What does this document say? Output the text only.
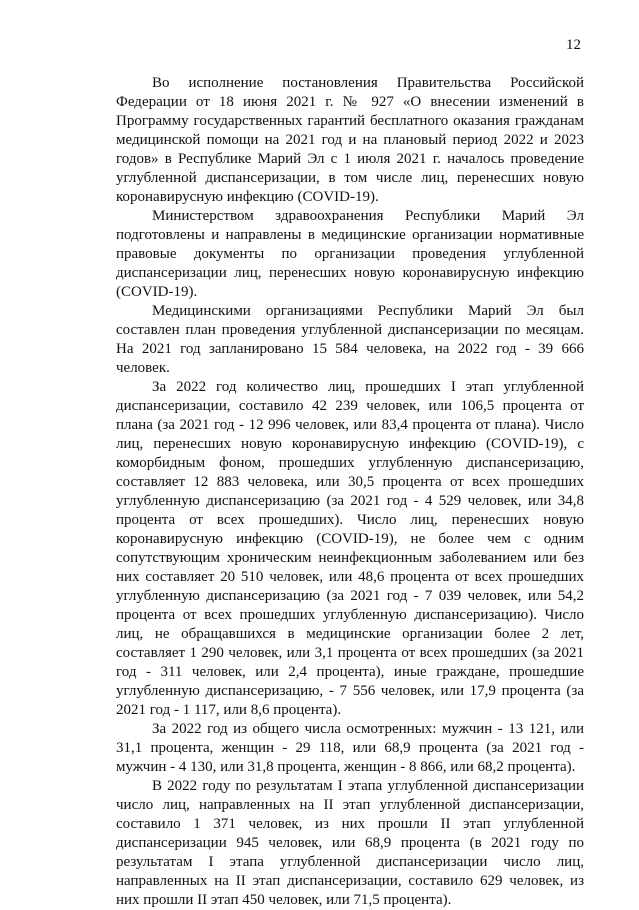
12

Во исполнение постановления Правительства Российской Федерации от 18 июня 2021 г. № 927 «О внесении изменений в Программу государственных гарантий бесплатного оказания гражданам медицинской помощи на 2021 год и на плановый период 2022 и 2023 годов» в Республике Марий Эл с 1 июля 2021 г. началось проведение углубленной диспансеризации, в том числе лиц, перенесших новую коронавирусную инфекцию (COVID-19).

Министерством здравоохранения Республики Марий Эл подготовлены и направлены в медицинские организации нормативные правовые документы по организации проведения углубленной диспансеризации лиц, перенесших новую коронавирусную инфекцию (COVID-19).

Медицинскими организациями Республики Марий Эл был составлен план проведения углубленной диспансеризации по месяцам. На 2021 год запланировано 15 584 человека, на 2022 год - 39 666 человек.

За 2022 год количество лиц, прошедших I этап углубленной диспансеризации, составило 42 239 человек, или 106,5 процента от плана (за 2021 год - 12 996 человек, или 83,4 процента от плана). Число лиц, перенесших новую коронавирусную инфекцию (COVID-19), с коморбидным фоном, прошедших углубленную диспансеризацию, составляет 12 883 человека, или 30,5 процента от всех прошедших углубленную диспансеризацию (за 2021 год - 4 529 человек, или 34,8 процента от всех прошедших). Число лиц, перенесших новую коронавирусную инфекцию (COVID-19), не более чем с одним сопутствующим хроническим неинфекционным заболеванием или без них составляет 20 510 человек, или 48,6 процента от всех прошедших углубленную диспансеризацию (за 2021 год - 7 039 человек, или 54,2 процента от всех прошедших углубленную диспансеризацию). Число лиц, не обращавшихся в медицинские организации более 2 лет, составляет 1 290 человек, или 3,1 процента от всех прошедших (за 2021 год - 311 человек, или 2,4 процента), иные граждане, прошедшие углубленную диспансеризацию, - 7 556 человек, или 17,9 процента (за 2021 год - 1 117, или 8,6 процента).

За 2022 год из общего числа осмотренных: мужчин - 13 121, или 31,1 процента, женщин - 29 118, или 68,9 процента (за 2021 год - мужчин - 4 130, или 31,8 процента, женщин - 8 866, или 68,2 процента).

В 2022 году по результатам I этапа углубленной диспансеризации число лиц, направленных на II этап углубленной диспансеризации, составило 1 371 человек, из них прошли II этап углубленной диспансеризации 945 человек, или 68,9 процента (в 2021 году по результатам I этапа углубленной диспансеризации число лиц, направленных на II этап диспансеризации, составило 629 человек, из них прошли II этап 450 человек, или 71,5 процента).
